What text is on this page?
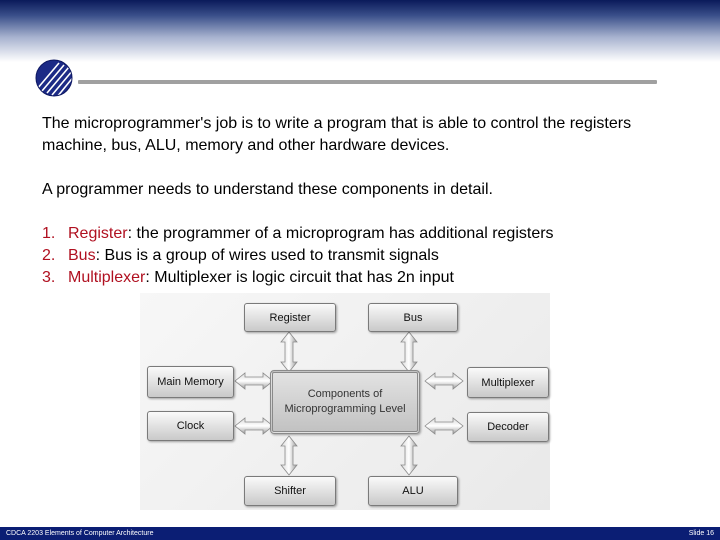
The microprogrammer's job is to write a program that is able to control the registers machine, bus, ALU, memory and other hardware devices.

A programmer needs to understand these components in detail.

1. Register: the programmer of a microprogram has additional registers
2. Bus: Bus is a group of wires used to transmit signals
3. Multiplexer: Multiplexer is logic circuit that has 2n input
Register	Bus
Main Memory
Clock
Components of Microprogramming Level
Multiplexer
Decoder
Shifter	ALU
CDCA 2203 Elements of Computer Architecture	Slide 16
